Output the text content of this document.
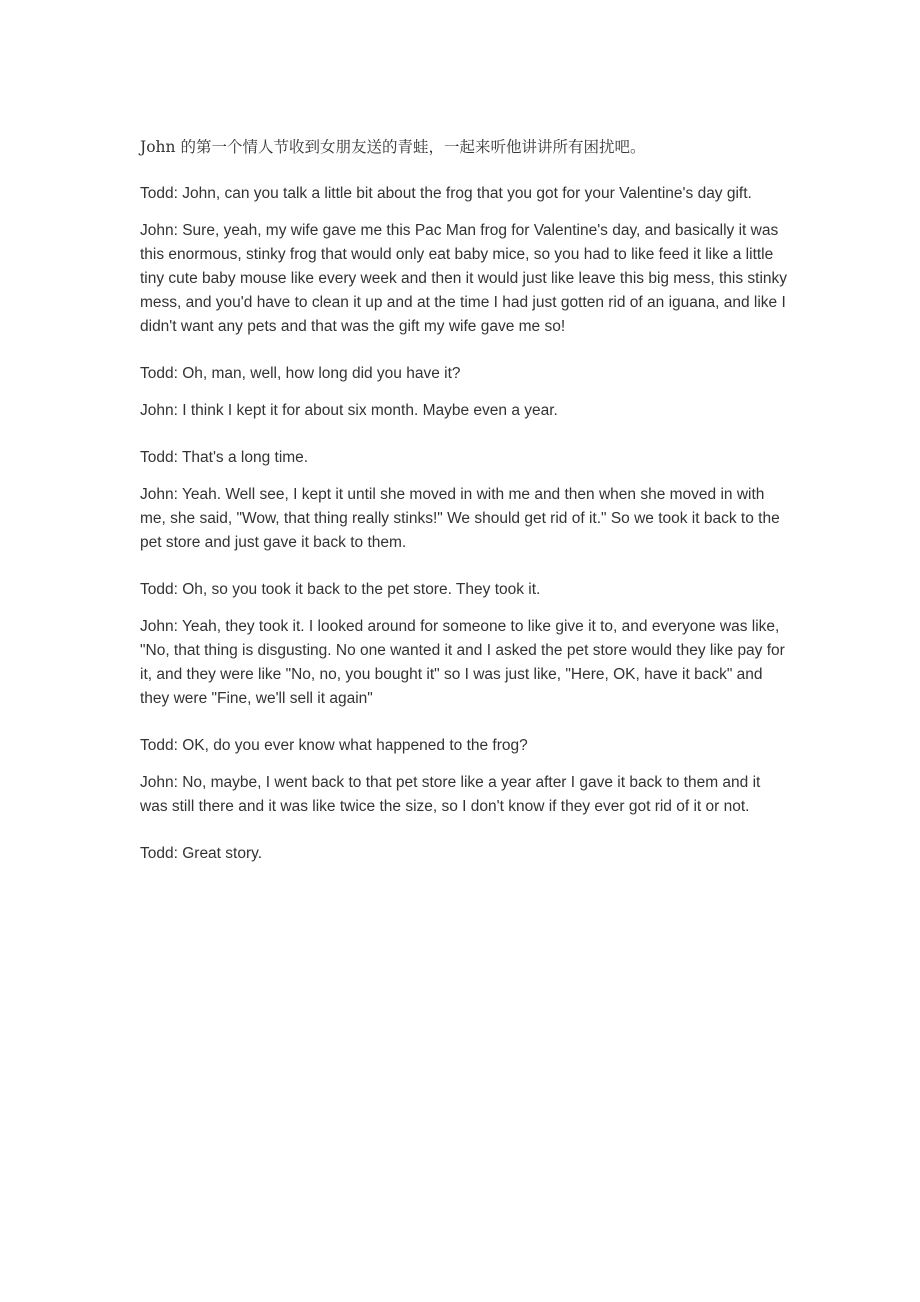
John 的第一个情人节收到女朋友送的青蛙，一起来听他讲讲所有困扰吧。

Todd: John, can you talk a little bit about the frog that you got for your Valentine's day gift.

John: Sure, yeah, my wife gave me this Pac Man frog for Valentine's day, and basically it was this enormous, stinky frog that would only eat baby mice, so you had to like feed it like a little tiny cute baby mouse like every week and then it would just like leave this big mess, this stinky mess, and you'd have to clean it up and at the time I had just gotten rid of an iguana, and like I didn't want any pets and that was the gift my wife gave me so!

Todd: Oh, man, well, how long did you have it?

John: I think I kept it for about six month. Maybe even a year.

Todd: That's a long time.

John: Yeah. Well see, I kept it until she moved in with me and then when she moved in with me, she said, "Wow, that thing really stinks!" We should get rid of it." So we took it back to the pet store and just gave it back to them.

Todd: Oh, so you took it back to the pet store. They took it.

John: Yeah, they took it. I looked around for someone to like give it to, and everyone was like, "No, that thing is disgusting. No one wanted it and I asked the pet store would they like pay for it, and they were like "No, no, you bought it" so I was just like, "Here, OK, have it back" and they were "Fine, we'll sell it again"

Todd: OK, do you ever know what happened to the frog?

John: No, maybe, I went back to that pet store like a year after I gave it back to them and it was still there and it was like twice the size, so I don't know if they ever got rid of it or not.

Todd: Great story.
